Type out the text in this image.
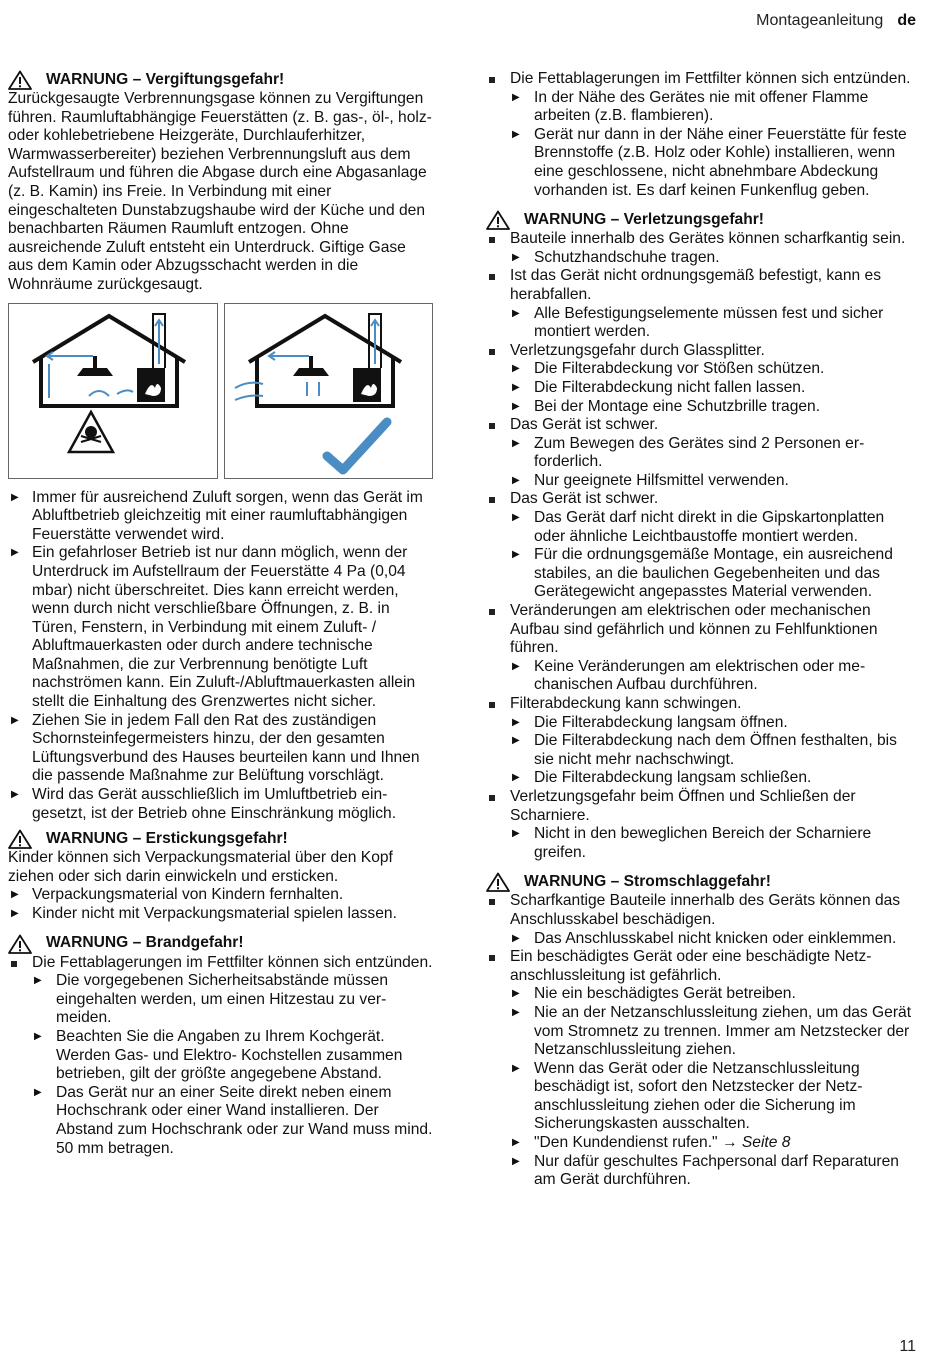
Montageanleitung de
WARNUNG – Vergiftungsgefahr!

Zurückgesaugte Verbrennungsgase können zu Vergiftungen führen. Raumluftabhängige Feuerstätten (z. B. gas-, öl-, holz- oder kohlebetriebene Heizgeräte, Durchlauferhitzer, Warmwasserbereiter) beziehen Verbrennungsluft aus dem Aufstellraum und führen die Abgase durch eine Abgasanlage (z. B. Kamin) ins Freie. In Verbindung mit einer eingeschalteten Dunstabzugshaube wird der Küche und den benachbarten Räumen Raumluft entzogen. Ohne ausreichende Zuluft entsteht ein Unterdruck. Giftige Gase aus dem Kamin oder Abzugsschacht werden in die Wohnräume zurückgesaugt.

▶ Immer für ausreichend Zuluft sorgen, wenn das Gerät im Abluftbetrieb gleichzeitig mit einer raumluftabhängigen Feuerstätte verwendet wird.
▶ Ein gefahrloser Betrieb ist nur dann möglich, wenn der Unterdruck im Aufstellraum der Feuerstätte 4 Pa (0,04 mbar) nicht überschreitet. Dies kann erreicht werden, wenn durch nicht verschließbare Öffnungen, z. B. in Türen, Fenstern, in Verbindung mit einem Zuluft- / Abluftmauerkasten oder durch andere technische Maßnahmen, die zur Verbrennung benötigte Luft nachströmen kann. Ein Zuluft-/Abluftmauerkasten allein stellt die Einhaltung des Grenzwertes nicht sicher.
▶ Ziehen Sie in jedem Fall den Rat des zuständigen Schornsteinfegermeisters hinzu, der den gesamten Lüftungsverbund des Hauses beurteilen kann und Ihnen die passende Maßnahme zur Belüftung vorschlägt.
▶ Wird das Gerät ausschließlich im Umluftbetrieb eingesetzt, ist der Betrieb ohne Einschränkung möglich.
WARNUNG – Erstickungsgefahr!

Kinder können sich Verpackungsmaterial über den Kopf ziehen oder sich darin einwickeln und ersticken.

▶ Verpackungsmaterial von Kindern fernhalten.
▶ Kinder nicht mit Verpackungsmaterial spielen lassen.
WARNUNG – Brandgefahr!
Die Fettablagerungen im Fettfilter können sich entzünden.
▶ Die vorgegebenen Sicherheitsabstände müssen eingehalten werden, um einen Hitzestau zu vermeiden.
▶ Beachten Sie die Angaben zu Ihrem Kochgerät. Werden Gas- und Elektro- Kochstellen zusammen betrieben, gilt der größte angegebene Abstand.
▶ Das Gerät nur an einer Seite direkt neben einem Hochschrank oder einer Wand installieren. Der Abstand zum Hochschrank oder zur Wand muss mind. 50 mm betragen.
Die Fettablagerungen im Fettfilter können sich entzünden.
▶ In der Nähe des Gerätes nie mit offener Flamme arbeiten (z.B. flambieren).
▶ Gerät nur dann in der Nähe einer Feuerstätte für feste Brennstoffe (z.B. Holz oder Kohle) installieren, wenn eine geschlossene, nicht abnehmbare Abdeckung vorhanden ist. Es darf keinen Funkenflug geben.
WARNUNG – Verletzungsgefahr!
Bauteile innerhalb des Gerätes können scharfkantig sein.
▶ Schutzhandschuhe tragen.
Ist das Gerät nicht ordnungsgemäß befestigt, kann es herabfallen.
▶ Alle Befestigungselemente müssen fest und sicher montiert werden.
Verletzungsgefahr durch Glassplitter.
▶ Die Filterabdeckung vor Stößen schützen.
▶ Die Filterabdeckung nicht fallen lassen.
▶ Bei der Montage eine Schutzbrille tragen.
Das Gerät ist schwer.
▶ Zum Bewegen des Gerätes sind 2 Personen erforderlich.
▶ Nur geeignete Hilfsmittel verwenden.
Das Gerät ist schwer.
▶ Das Gerät darf nicht direkt in die Gipskartonplatten oder ähnliche Leichtbaustoffe montiert werden.
▶ Für die ordnungsgemäße Montage, ein ausreichend stabiles, an die baulichen Gegebenheiten und das Gerätegewicht angepasstes Material verwenden.
Veränderungen am elektrischen oder mechanischen Aufbau sind gefährlich und können zu Fehlfunktionen führen.
▶ Keine Veränderungen am elektrischen oder mechanischen Aufbau durchführen.
Filterabdeckung kann schwingen.
▶ Die Filterabdeckung langsam öffnen.
▶ Die Filterabdeckung nach dem Öffnen festhalten, bis sie nicht mehr nachschwingt.
▶ Die Filterabdeckung langsam schließen.
Verletzungsgefahr beim Öffnen und Schließen der Scharniere.
▶ Nicht in den beweglichen Bereich der Scharniere greifen.
WARNUNG – Stromschlaggefahr!
Scharfkantige Bauteile innerhalb des Geräts können das Anschlusskabel beschädigen.
▶ Das Anschlusskabel nicht knicken oder einklemmen.
Ein beschädigtes Gerät oder eine beschädigte Netzanschlussleitung ist gefährlich.
▶ Nie ein beschädigtes Gerät betreiben.
▶ Nie an der Netzanschlussleitung ziehen, um das Gerät vom Stromnetz zu trennen. Immer am Netzstecker der Netzanschlussleitung ziehen.
▶ Wenn das Gerät oder die Netzanschlussleitung beschädigt ist, sofort den Netzstecker der Netzanschlussleitung ziehen oder die Sicherung im Sicherungskasten ausschalten.
▶ "Den Kundendienst rufen." → Seite 8
▶ Nur dafür geschultes Fachpersonal darf Reparaturen am Gerät durchführen.
11
